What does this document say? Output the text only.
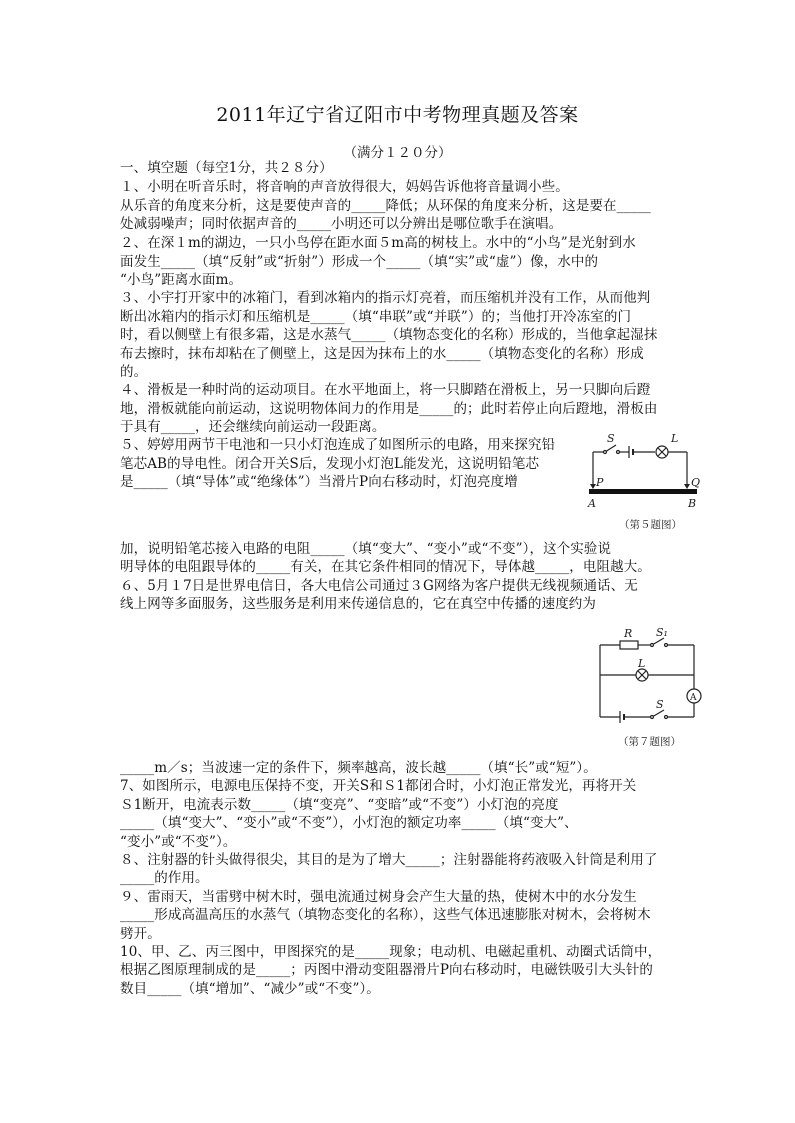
2011年辽宁省辽阳市中考物理真题及答案
（满分１２０分）
一、填空题（每空1分，共２８分）
１、小明在听音乐时，将音响的声音放得很大，妈妈告诉他将音量调小些。
从乐音的角度来分析，这是要使声音的_____降低；从环保的角度来分析，这是要在_____
处减弱噪声；同时依据声音的_____小明还可以分辨出是哪位歌手在演唱。
２、在深１m的湖边，一只小鸟停在距水面５m高的树枝上。水中的“小鸟”是光射到水
面发生_____（填“反射”或“折射”）形成一个_____（填“实”或“虚”）像，水中的
“小鸟”距离水面m。
３、小宇打开家中的冰箱门，看到冰箱内的指示灯亮着，而压缩机并没有工作，从而他判
断出冰箱内的指示灯和压缩机是_____（填“串联”或“并联”）的；当他打开冷冻室的门
时，看以侧壁上有很多霜，这是水蒸气_____（填物态变化的名称）形成的，当他拿起湿抹
布去擦时，抹布却粘在了侧壁上，这是因为抹布上的水_____（填物态变化的名称）形成
的。
４、滑板是一种时尚的运动项目。在水平地面上，将一只脚踏在滑板上，另一只脚向后蹬
地，滑板就能向前运动，这说明物体间力的作用是_____的；此时若停止向后蹬地，滑板由
于具有_____，还会继续向前运动一段距离。
５、婷婷用两节干电池和一只小灯泡连成了如图所示的电路，用来探究铅
笔芯AB的导电性。闭合开关S后，发现小灯泡L能发光，这说明铅笔芯
是_____（填“导体”或“绝缘体”）当滑片P向右移动时，灯泡亮度增
加，说明铅笔芯接入电路的电阻_____（填“变大”、“变小”或“不变”），这个实验说
明导体的电阻跟导体的_____有关，在其它条件相同的情况下，导体越_____，电阻越大。
６、5月１7日是世界电信日，各大电信公司通过３G网络为客户提供无线视频通话、无
线上网等多面服务，这些服务是利用来传递信息的，它在真空中传播的速度约为
_____m／s；当波速一定的条件下，频率越高，波长越_____（填“长”或“短”）。
7、如图所示，电源电压保持不变，开关S和Ｓ1都闭合时，小灯泡正常发光，再将开关
Ｓ1断开，电流表示数_____（填“变亮”、“变暗”或“不变”）小灯泡的亮度
_____（填“变大”、“变小”或“不变”），小灯泡的额定功率_____（填“变大”、
“变小”或“不变”）。
８、注射器的针头做得很尖，其目的是为了增大_____；注射器能将药液吸入针筒是利用了
_____的作用。
９、雷雨天，当雷劈中树木时，强电流通过树身会产生大量的热，使树木中的水分发生
_____形成高温高压的水蒸气（填物态变化的名称），这些气体迅速膨胀对树木，会将树木
劈开。
10、甲、乙、丙三图中，甲图探究的是_____现象；电动机、电磁起重机、动圈式话筒中，
根据乙图原理制成的是_____；丙图中滑动变阻器滑片P向右移动时，电磁铁吸引大头针的
数目_____（填“增加”、“减少”或“不变”）。
S	L
P	Q
A	B
（第５题图）
R S₁
L
S	A
（第７题图）
